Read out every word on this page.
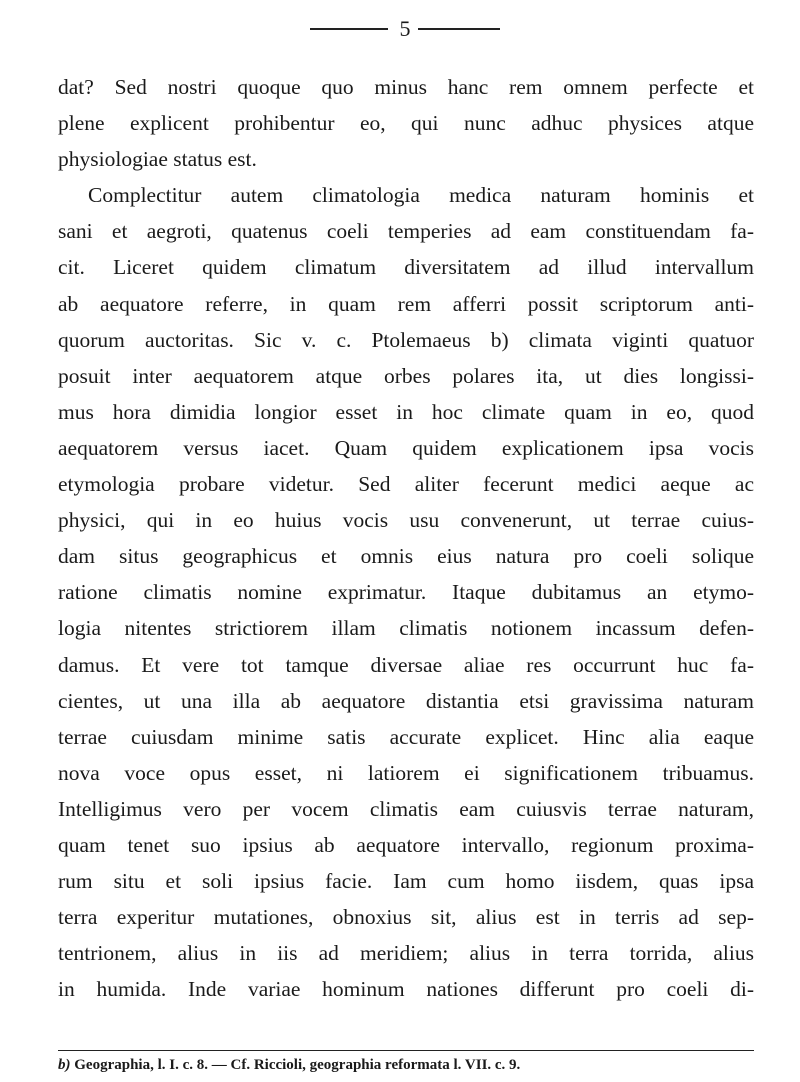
5
dat? Sed nostri quoque quo minus hanc rem omnem perfecte et
plene explicent prohibentur eo, qui nunc adhuc physices atque
physiologiae status est.
Complectitur autem climatologia medica naturam hominis et
sani et aegroti, quatenus coeli temperies ad eam constituendam fa-
cit. Liceret quidem climatum diversitatem ad illud intervallum
ab aequatore referre, in quam rem afferri possit scriptorum anti-
quorum auctoritas. Sic v. c. Ptolemaeus b) climata viginti quatuor
posuit inter aequatorem atque orbes polares ita, ut dies longissi-
mus hora dimidia longior esset in hoc climate quam in eo, quod
aequatorem versus iacet. Quam quidem explicationem ipsa vocis
etymologia probare videtur. Sed aliter fecerunt medici aeque ac
physici, qui in eo huius vocis usu convenerunt, ut terrae cuius-
dam situs geographicus et omnis eius natura pro coeli solique
ratione climatis nomine exprimatur. Itaque dubitamus an etymo-
logia nitentes strictiorem illam climatis notionem incassum defen-
damus. Et vere tot tamque diversae aliae res occurrunt huc fa-
cientes, ut una illa ab aequatore distantia etsi gravissima naturam
terrae cuiusdam minime satis accurate explicet. Hinc alia eaque
nova voce opus esset, ni latiorem ei significationem tribuamus.
Intelligimus vero per vocem climatis eam cuiusvis terrae naturam,
quam tenet suo ipsius ab aequatore intervallo, regionum proxima-
rum situ et soli ipsius facie. Iam cum homo iisdem, quas ipsa
terra experitur mutationes, obnoxius sit, alius est in terris ad sep-
tentrionem, alius in iis ad meridiem; alius in terra torrida, alius
in humida. Inde variae hominum nationes differunt pro coeli di-
b) Geographia, l. I. c. 8. — Cf. Riccioli, geographia reformata l. VII. c. 9.
